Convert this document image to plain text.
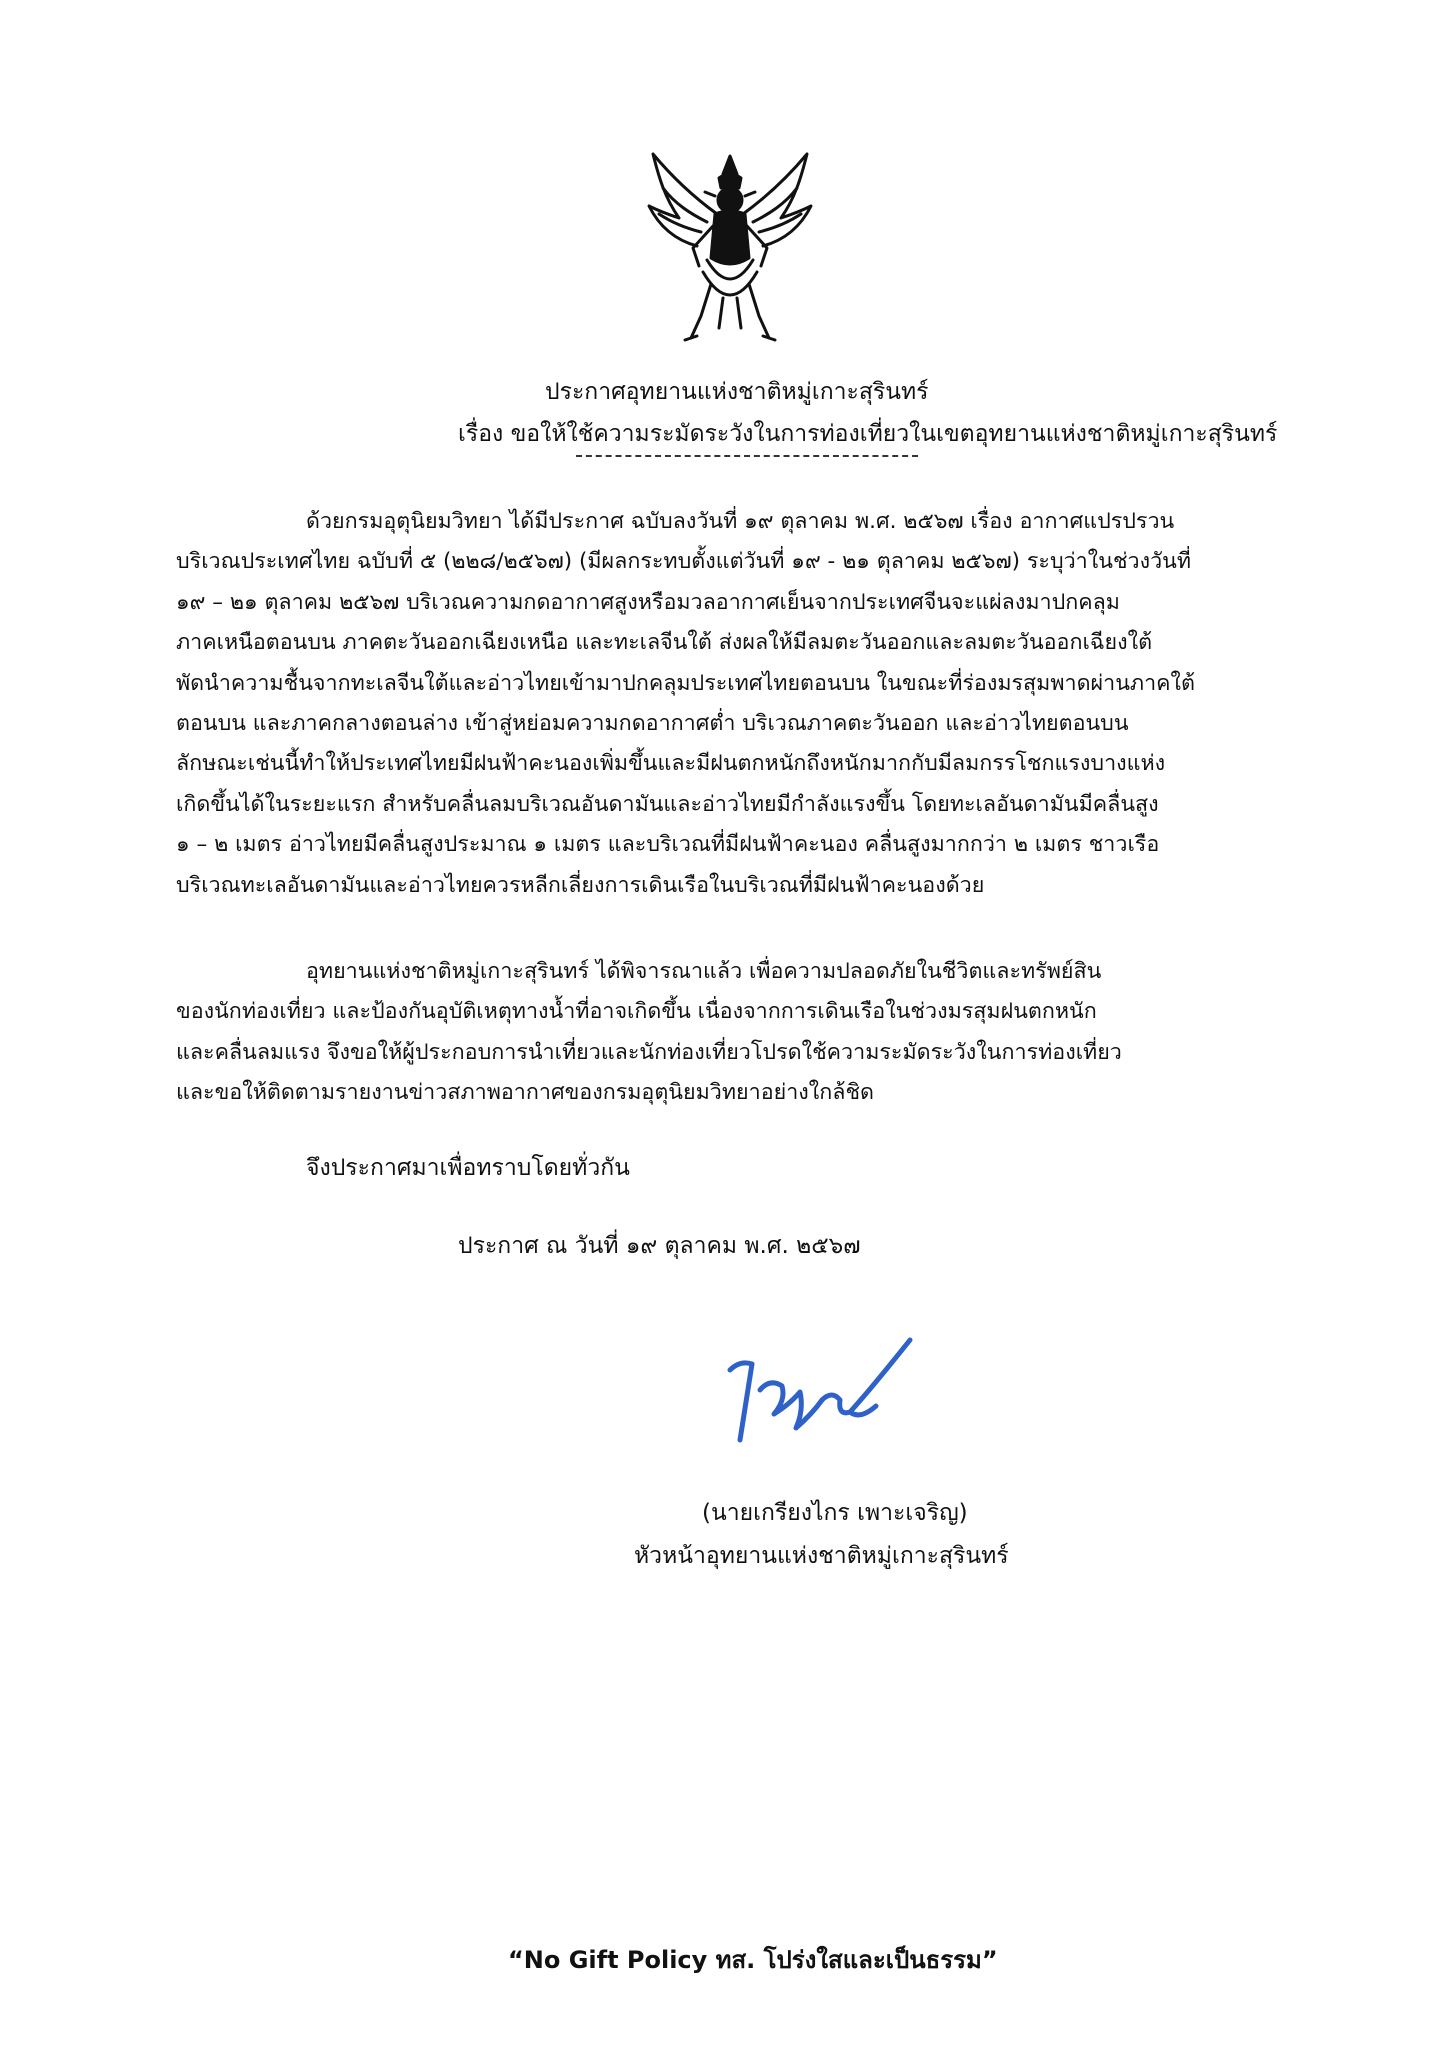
ประกาศอุทยานแห่งชาติหมู่เกาะสุรินทร์
เรื่อง ขอให้ใช้ความระมัดระวังในการท่องเที่ยวในเขตอุทยานแห่งชาติหมู่เกาะสุรินทร์
ด้วยกรมอุตุนิยมวิทยา ได้มีประกาศ ฉบับลงวันที่ ๑๙ ตุลาคม พ.ศ. ๒๕๖๗ เรื่อง อากาศแปรปรวน
บริเวณประเทศไทย ฉบับที่ ๕ (๒๒๘/๒๕๖๗) (มีผลกระทบตั้งแต่วันที่ ๑๙ - ๒๑ ตุลาคม ๒๕๖๗) ระบุว่าในช่วงวันที่
๑๙ – ๒๑ ตุลาคม ๒๕๖๗ บริเวณความกดอากาศสูงหรือมวลอากาศเย็นจากประเทศจีนจะแผ่ลงมาปกคลุม
ภาคเหนือตอนบน ภาคตะวันออกเฉียงเหนือ และทะเลจีนใต้ ส่งผลให้มีลมตะวันออกและลมตะวันออกเฉียงใต้
พัดนำความชื้นจากทะเลจีนใต้และอ่าวไทยเข้ามาปกคลุมประเทศไทยตอนบน ในขณะที่ร่องมรสุมพาดผ่านภาคใต้
ตอนบน และภาคกลางตอนล่าง เข้าสู่หย่อมความกดอากาศต่ำ บริเวณภาคตะวันออก และอ่าวไทยตอนบน
ลักษณะเช่นนี้ทำให้ประเทศไทยมีฝนฟ้าคะนองเพิ่มขึ้นและมีฝนตกหนักถึงหนักมากกับมีลมกรรโชกแรงบางแห่ง
เกิดขึ้นได้ในระยะแรก สำหรับคลื่นลมบริเวณอันดามันและอ่าวไทยมีกำลังแรงขึ้น โดยทะเลอันดามันมีคลื่นสูง
๑ – ๒ เมตร อ่าวไทยมีคลื่นสูงประมาณ ๑ เมตร และบริเวณที่มีฝนฟ้าคะนอง คลื่นสูงมากกว่า ๒ เมตร ชาวเรือ
บริเวณทะเลอันดามันและอ่าวไทยควรหลีกเลี่ยงการเดินเรือในบริเวณที่มีฝนฟ้าคะนองด้วย
อุทยานแห่งชาติหมู่เกาะสุรินทร์ ได้พิจารณาแล้ว เพื่อความปลอดภัยในชีวิตและทรัพย์สิน
ของนักท่องเที่ยว และป้องกันอุบัติเหตุทางน้ำที่อาจเกิดขึ้น เนื่องจากการเดินเรือในช่วงมรสุมฝนตกหนัก
และคลื่นลมแรง จึงขอให้ผู้ประกอบการนำเที่ยวและนักท่องเที่ยวโปรดใช้ความระมัดระวังในการท่องเที่ยว
และขอให้ติดตามรายงานข่าวสภาพอากาศของกรมอุตุนิยมวิทยาอย่างใกล้ชิด
จึงประกาศมาเพื่อทราบโดยทั่วกัน
ประกาศ ณ วันที่ ๑๙ ตุลาคม พ.ศ. ๒๕๖๗
(นายเกรียงไกร เพาะเจริญ)
หัวหน้าอุทยานแห่งชาติหมู่เกาะสุรินทร์
“No Gift Policy ทส. โปร่งใสและเป็นธรรม”
